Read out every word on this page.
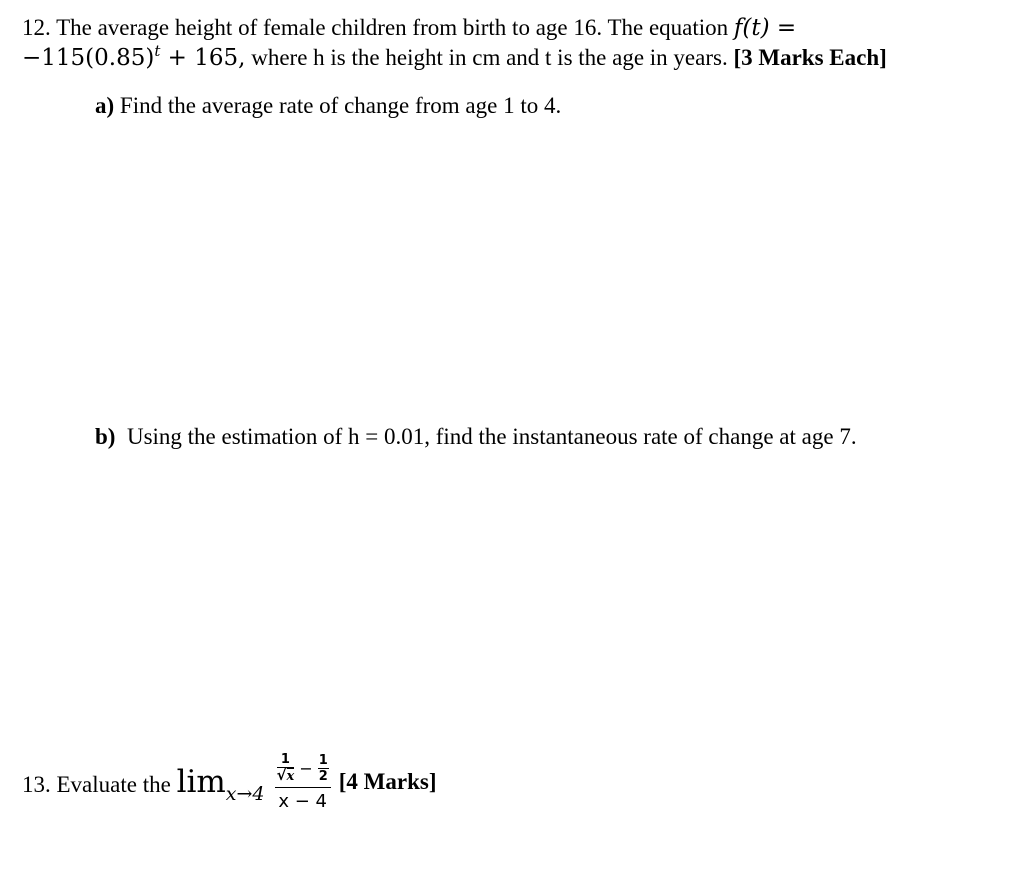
12. The average height of female children from birth to age 16. The equation f(t) =
$-115(0.85)^t + 165$, where h is the height in cm and t is the age in years. [3 Marks Each]
a) Find the average rate of change from age 1 to 4.
b)  Using the estimation of h = 0.01, find the instantaneous rate of change at age 7.
13. Evaluate the $\lim_{x\to 4} \frac{\frac{1}{√x} - \frac{1}{2}}{x - 4} [4$ Marks]
